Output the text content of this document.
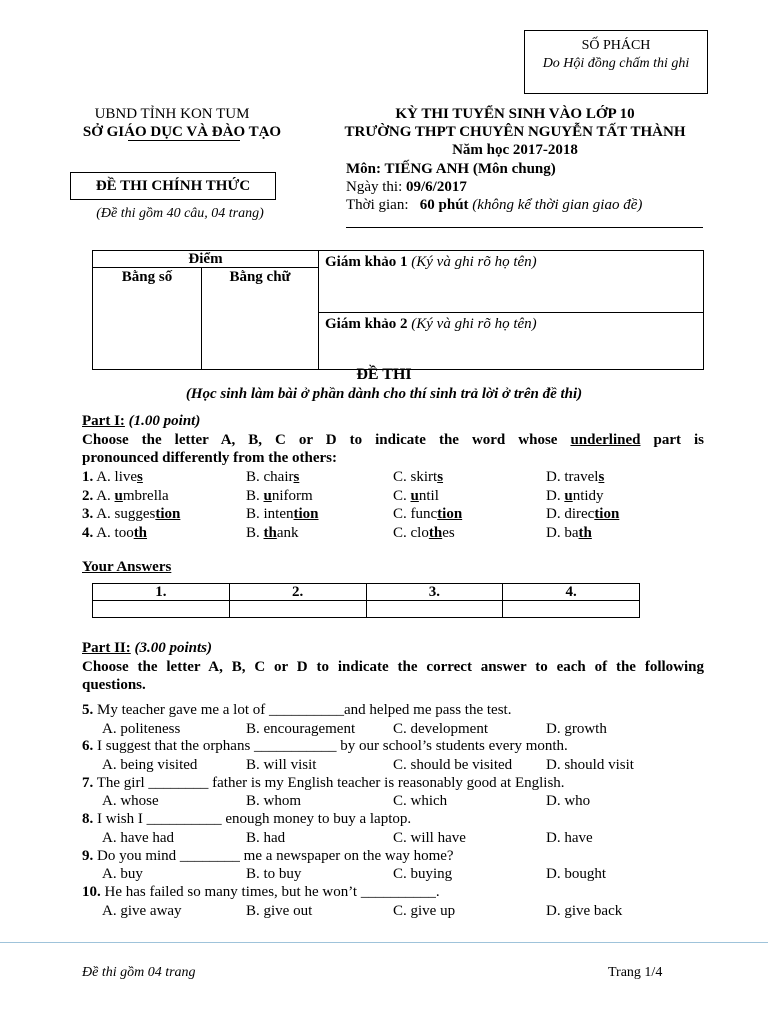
SỐ PHÁCH
Do Hội đồng chấm thi ghi
UBND TỈNH KON TUM
SỞ GIÁO DỤC VÀ ĐÀO TẠO
KỲ THI TUYỂN SINH VÀO LỚP 10
TRƯỜNG THPT CHUYÊN NGUYỄN TẤT THÀNH
Năm học 2017-2018
Môn: TIẾNG ANH (Môn chung)
Ngày thi: 09/6/2017
Thời gian: 60 phút (không kể thời gian giao đề)
ĐỀ THI CHÍNH THỨC
(Đề thi gồm 40 câu, 04 trang)
Điểm		Giám khảo 1 (Ký và ghi rõ họ tên)
Bằng số	Bằng chữ	
		Giám khảo 2 (Ký và ghi rõ họ tên)
ĐỀ THI
(Học sinh làm bài ở phần dành cho thí sinh trả lời ở trên đề thi)
Part I: (1.00 point)
Choose the letter A, B, C or D to indicate the word whose underlined part is
pronounced differently from the others:
1. A. lives	B. chairs	C. skirts	D. travels
2. A. umbrella	B. uniform	C. until	D. untidy
3. A. suggestion	B. intention	C. function	D. direction
4. A. tooth	B. thank	C. clothes	D. bath
Your Answers
1.	2.	3.	4.

Part II: (3.00 points)
Choose the letter A, B, C or D to indicate the correct answer to each of the following
questions.
5. My teacher gave me a lot of __________and helped me pass the test.
A. politeness	B. encouragement	C. development	D. growth
6. I suggest that the orphans ___________ by our school’s students every month.
A. being visited	B. will visit	C. should be visited D. should visit
7. The girl ________ father is my English teacher is reasonably good at English.
A. whose	B. whom	C. which	D. who
8. I wish I __________ enough money to buy a laptop.
A. have had	B. had	C. will have	D. have
9. Do you mind ________ me a newspaper on the way home?
A. buy	B. to buy	C. buying	D. bought
10. He has failed so many times, but he won’t __________.
A. give away	B. give out	C. give up	D. give back
Đề thi gồm 04 trang	Trang 1/4
